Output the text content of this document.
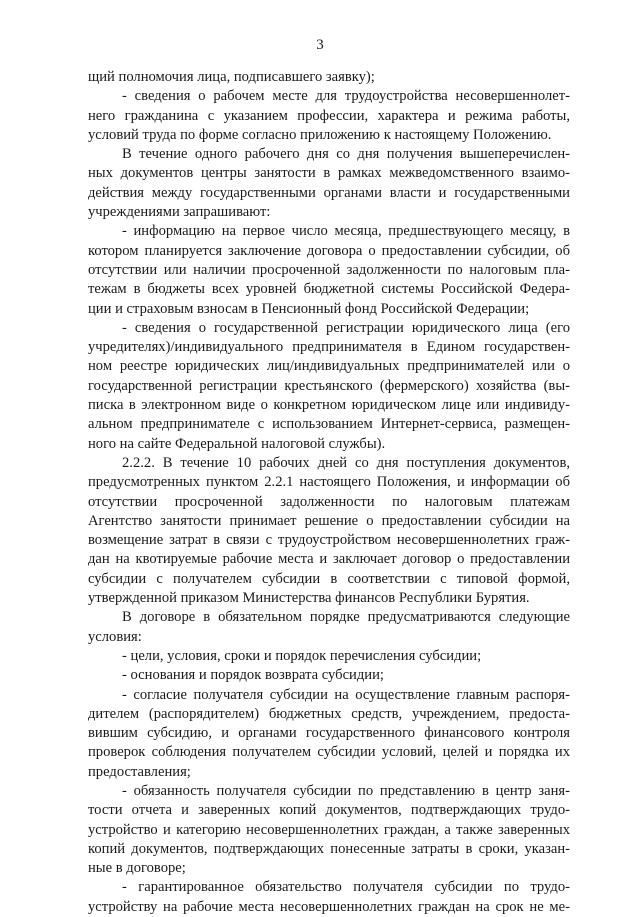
3
щий полномочия лица, подписавшего заявку);
- сведения о рабочем месте для трудоустройства несовершеннолет-
него гражданина с указанием профессии, характера и режима работы,
условий труда по форме согласно приложению к настоящему Положению.
В течение одного рабочего дня со дня получения вышеперечислен-
ных документов центры занятости в рамках межведомственного взаимо-
действия между государственными органами власти и государственными
учреждениями запрашивают:
- информацию на первое число месяца, предшествующего месяцу, в
котором планируется заключение договора о предоставлении субсидии, об
отсутствии или наличии просроченной задолженности по налоговым пла-
тежам в бюджеты всех уровней бюджетной системы Российской Федера-
ции и страховым взносам в Пенсионный фонд Российской Федерации;
- сведения о государственной регистрации юридического лица (его
учредителях)/индивидуального предпринимателя в Едином государствен-
ном реестре юридических лиц/индивидуальных предпринимателей или о
государственной регистрации крестьянского (фермерского) хозяйства (вы-
писка в электронном виде о конкретном юридическом лице или индивиду-
альном предпринимателе с использованием Интернет-сервиса, размещен-
ного на сайте Федеральной налоговой службы).
2.2.2. В течение 10 рабочих дней со дня поступления документов,
предусмотренных пунктом 2.2.1 настоящего Положения, и информации об
отсутствии просроченной задолженности по налоговым платежам
Агентство занятости принимает решение о предоставлении субсидии на
возмещение затрат в связи с трудоустройством несовершеннолетних граж-
дан на квотируемые рабочие места и заключает договор о предоставлении
субсидии с получателем субсидии в соответствии с типовой формой,
утвержденной приказом Министерства финансов Республики Бурятия.
В договоре в обязательном порядке предусматриваются следующие
условия:
- цели, условия, сроки и порядок перечисления субсидии;
- основания и порядок возврата субсидии;
- согласие получателя субсидии на осуществление главным распоря-
дителем (распорядителем) бюджетных средств, учреждением, предоста-
вившим субсидию, и органами государственного финансового контроля
проверок соблюдения получателем субсидии условий, целей и порядка их
предоставления;
- обязанность получателя субсидии по представлению в центр заня-
тости отчета и заверенных копий документов, подтверждающих трудо-
устройство и категорию несовершеннолетних граждан, а также заверенных
копий документов, подтверждающих понесенные затраты в сроки, указан-
ные в договоре;
- гарантированное обязательство получателя субсидии по трудо-
устройству на рабочие места несовершеннолетних граждан на срок не ме-
